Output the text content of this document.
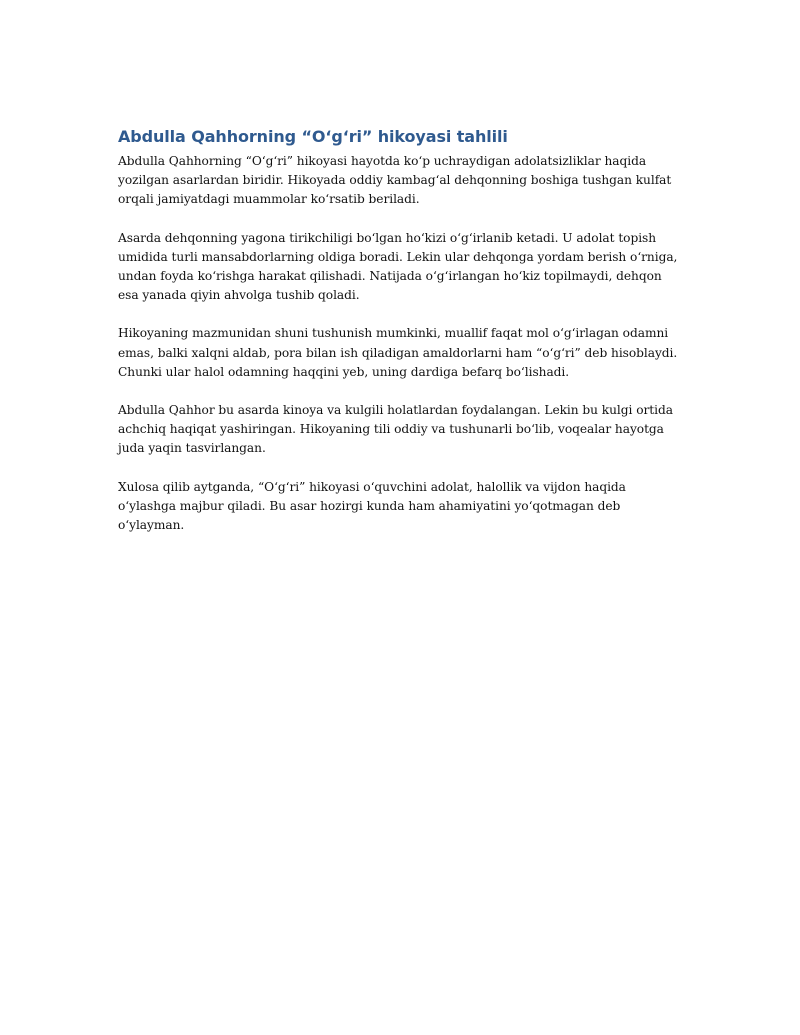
Abdulla Qahhorning “O‘g‘ri” hikoyasi tahlili

Abdulla Qahhorning “O‘g‘ri” hikoyasi hayotda ko‘p uchraydigan adolatsizliklar haqida yozilgan asarlardan biridir. Hikoyada oddiy kambag‘al dehqonning boshiga tushgan kulfat orqali jamiyatdagi muammolar ko‘rsatib beriladi.

Asarda dehqonning yagona tirikchiligi bo‘lgan ho‘kizi o‘g‘irlanib ketadi. U adolat topish umidida turli mansabdorlarning oldiga boradi. Lekin ular dehqonga yordam berish o‘rniga, undan foyda ko‘rishga harakat qilishadi. Natijada o‘g‘irlangan ho‘kiz topilmaydi, dehqon esa yanada qiyin ahvolga tushib qoladi.

Hikoyaning mazmunidan shuni tushunish mumkinki, muallif faqat mol o‘g‘irlagan odamni emas, balki xalqni aldab, pora bilan ish qiladigan amaldorlarni ham “o‘g‘ri” deb hisoblaydi. Chunki ular halol odamning haqqini yeb, uning dardiga befarq bo‘lishadi.

Abdulla Qahhor bu asarda kinoya va kulgili holatlardan foydalangan. Lekin bu kulgi ortida achchiq haqiqat yashiringan. Hikoyaning tili oddiy va tushunarli bo‘lib, voqealar hayotga juda yaqin tasvirlangan.

Xulosa qilib aytganda, “O‘g‘ri” hikoyasi o‘quvchini adolat, halollik va vijdon haqida o‘ylashga majbur qiladi. Bu asar hozirgi kunda ham ahamiyatini yo‘qotmagan deb o‘ylayman.
